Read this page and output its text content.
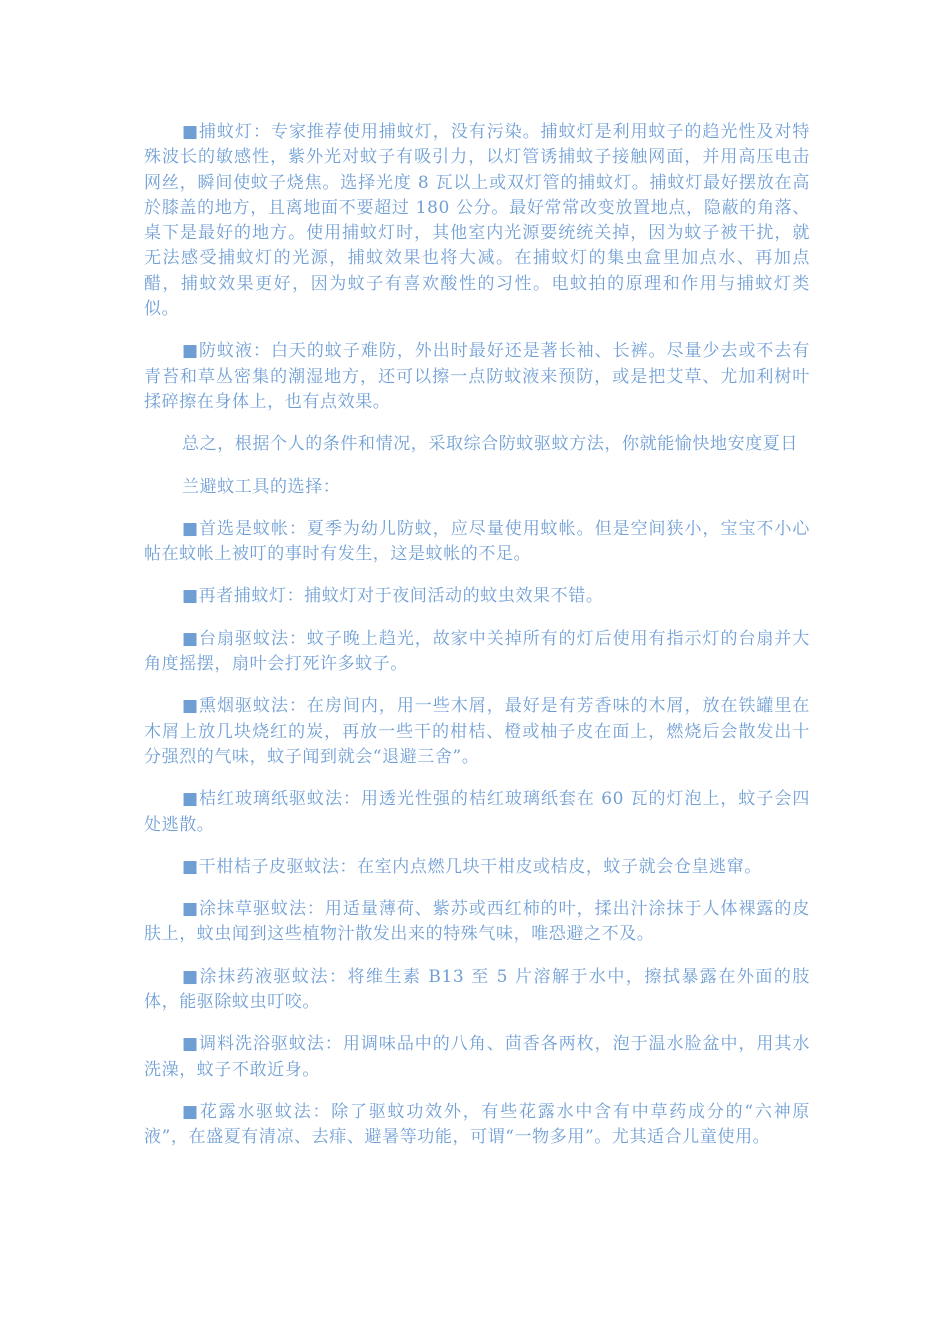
■捕蚊灯：专家推荐使用捕蚊灯，没有污染。捕蚊灯是利用蚊子的趋光性及对特殊波长的敏感性，紫外光对蚊子有吸引力，以灯管诱捕蚊子接触网面，并用高压电击网丝，瞬间使蚊子烧焦。选择光度 8 瓦以上或双灯管的捕蚊灯。捕蚊灯最好摆放在高於膝盖的地方，且离地面不要超过 180 公分。最好常常改变放置地点，隐蔽的角落、桌下是最好的地方。使用捕蚊灯时，其他室内光源要统统关掉，因为蚊子被干扰，就无法感受捕蚊灯的光源，捕蚊效果也将大减。在捕蚊灯的集虫盒里加点水、再加点醋，捕蚊效果更好，因为蚊子有喜欢酸性的习性。电蚊拍的原理和作用与捕蚊灯类似。

■防蚊液：白天的蚊子难防，外出时最好还是著长袖、长裤。尽量少去或不去有青苔和草丛密集的潮湿地方，还可以擦一点防蚊液来预防，或是把艾草、尤加利树叶揉碎擦在身体上，也有点效果。

总之，根据个人的条件和情况，采取综合防蚊驱蚊方法，你就能愉快地安度夏日

兰避蚊工具的选择：

■首选是蚊帐：夏季为幼儿防蚊，应尽量使用蚊帐。但是空间狭小，宝宝不小心帖在蚊帐上被叮的事时有发生，这是蚊帐的不足。

■再者捕蚊灯：捕蚊灯对于夜间活动的蚊虫效果不错。

■台扇驱蚊法：蚊子晚上趋光，故家中关掉所有的灯后使用有指示灯的台扇并大角度摇摆，扇叶会打死许多蚊子。

■熏烟驱蚊法：在房间内，用一些木屑，最好是有芳香味的木屑，放在铁罐里在木屑上放几块烧红的炭，再放一些干的柑桔、橙或柚子皮在面上，燃烧后会散发出十分强烈的气味，蚊子闻到就会“退避三舍”。

■桔红玻璃纸驱蚊法：用透光性强的桔红玻璃纸套在 60 瓦的灯泡上，蚊子会四处逃散。

■干柑桔子皮驱蚊法：在室内点燃几块干柑皮或桔皮，蚊子就会仓皇逃窜。

■涂抹草驱蚊法：用适量薄荷、紫苏或西红柿的叶，揉出汁涂抹于人体裸露的皮肤上，蚊虫闻到这些植物汁散发出来的特殊气味，唯恐避之不及。

■涂抹药液驱蚊法：将维生素 B13 至 5 片溶解于水中，擦拭暴露在外面的肢体，能驱除蚊虫叮咬。

■调料洗浴驱蚊法：用调味品中的八角、茴香各两枚，泡于温水脸盆中，用其水洗澡，蚊子不敢近身。

■花露水驱蚊法：除了驱蚊功效外，有些花露水中含有中草药成分的“六神原液”，在盛夏有清凉、去痱、避暑等功能，可谓“一物多用”。尤其适合儿童使用。
